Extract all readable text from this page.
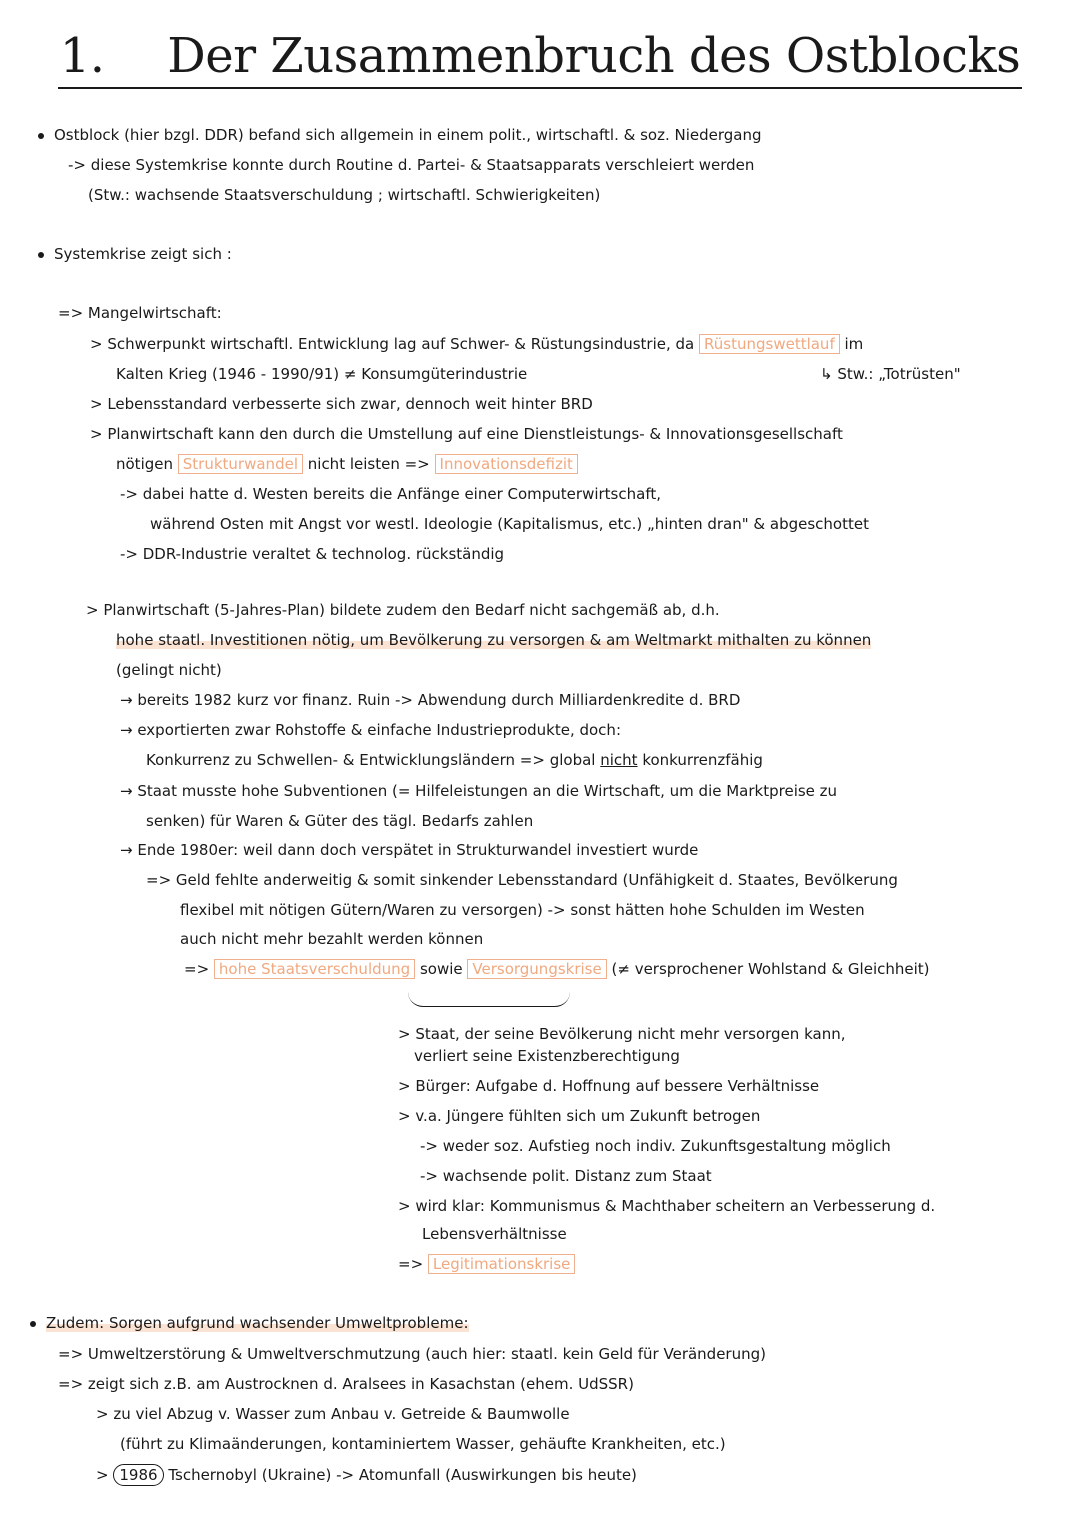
1. Der Zusammenbruch des Ostblocks
Ostblock (hier bzgl. DDR) befand sich allgemein in einem polit., wirtschaftl. & soz. Niedergang
-> diese Systemkrise konnte durch Routine d. Partei- & Staatsapparats verschleiert werden
(Stw.: wachsende Staatsverschuldung ; wirtschaftl. Schwierigkeiten)
Systemkrise zeigt sich :
=> Mangelwirtschaft:
> Schwerpunkt wirtschaftl. Entwicklung lag auf Schwer- & Rüstungsindustrie, da Rüstungswettlauf im
Kalten Krieg (1946 - 1990/91) ≠ Konsumgüterindustrie	↳ Stw.: „Totrüsten"
> Lebensstandard verbesserte sich zwar, dennoch weit hinter BRD
> Planwirtschaft kann den durch die Umstellung auf eine Dienstleistungs- & Innovationsgesellschaft
nötigen Strukturwandel nicht leisten => Innovationsdefizit
-> dabei hatte d. Westen bereits die Anfänge einer Computerwirtschaft,
während Osten mit Angst vor westl. Ideologie (Kapitalismus, etc.) „hinten dran" & abgeschottet
-> DDR-Industrie veraltet & technolog. rückständig
> Planwirtschaft (5-Jahres-Plan) bildete zudem den Bedarf nicht sachgemäß ab, d.h.
hohe staatl. Investitionen nötig, um Bevölkerung zu versorgen & am Weltmarkt mithalten zu können
(gelingt nicht)
→ bereits 1982 kurz vor finanz. Ruin -> Abwendung durch Milliardenkredite d. BRD
→ exportierten zwar Rohstoffe & einfache Industrieprodukte, doch:
Konkurrenz zu Schwellen- & Entwicklungsländern => global nicht konkurrenzfähig
→ Staat musste hohe Subventionen (= Hilfeleistungen an die Wirtschaft, um die Marktpreise zu
senken) für Waren & Güter des tägl. Bedarfs zahlen
→ Ende 1980er: weil dann doch verspätet in Strukturwandel investiert wurde
=> Geld fehlte anderweitig & somit sinkender Lebensstandard (Unfähigkeit d. Staates, Bevölkerung
flexibel mit nötigen Gütern/Waren zu versorgen) -> sonst hätten hohe Schulden im Westen
auch nicht mehr bezahlt werden können
=> hohe Staatsverschuldung sowie Versorgungskrise (≠ versprochener Wohlstand & Gleichheit)
> Staat, der seine Bevölkerung nicht mehr versorgen kann,
verliert seine Existenzberechtigung
> Bürger: Aufgabe d. Hoffnung auf bessere Verhältnisse
> v.a. Jüngere fühlten sich um Zukunft betrogen
-> weder soz. Aufstieg noch indiv. Zukunftsgestaltung möglich
-> wachsende polit. Distanz zum Staat
> wird klar: Kommunismus & Machthaber scheitern an Verbesserung d.
Lebensverhältnisse
=> Legitimationskrise
Zudem: Sorgen aufgrund wachsender Umweltprobleme:
=> Umweltzerstörung & Umweltverschmutzung (auch hier: staatl. kein Geld für Veränderung)
=> zeigt sich z.B. am Austrocknen d. Aralsees in Kasachstan (ehem. UdSSR)
> zu viel Abzug v. Wasser zum Anbau v. Getreide & Baumwolle
(führt zu Klimaänderungen, kontaminiertem Wasser, gehäufte Krankheiten, etc.)
> 1986 Tschernobyl (Ukraine) -> Atomunfall (Auswirkungen bis heute)
